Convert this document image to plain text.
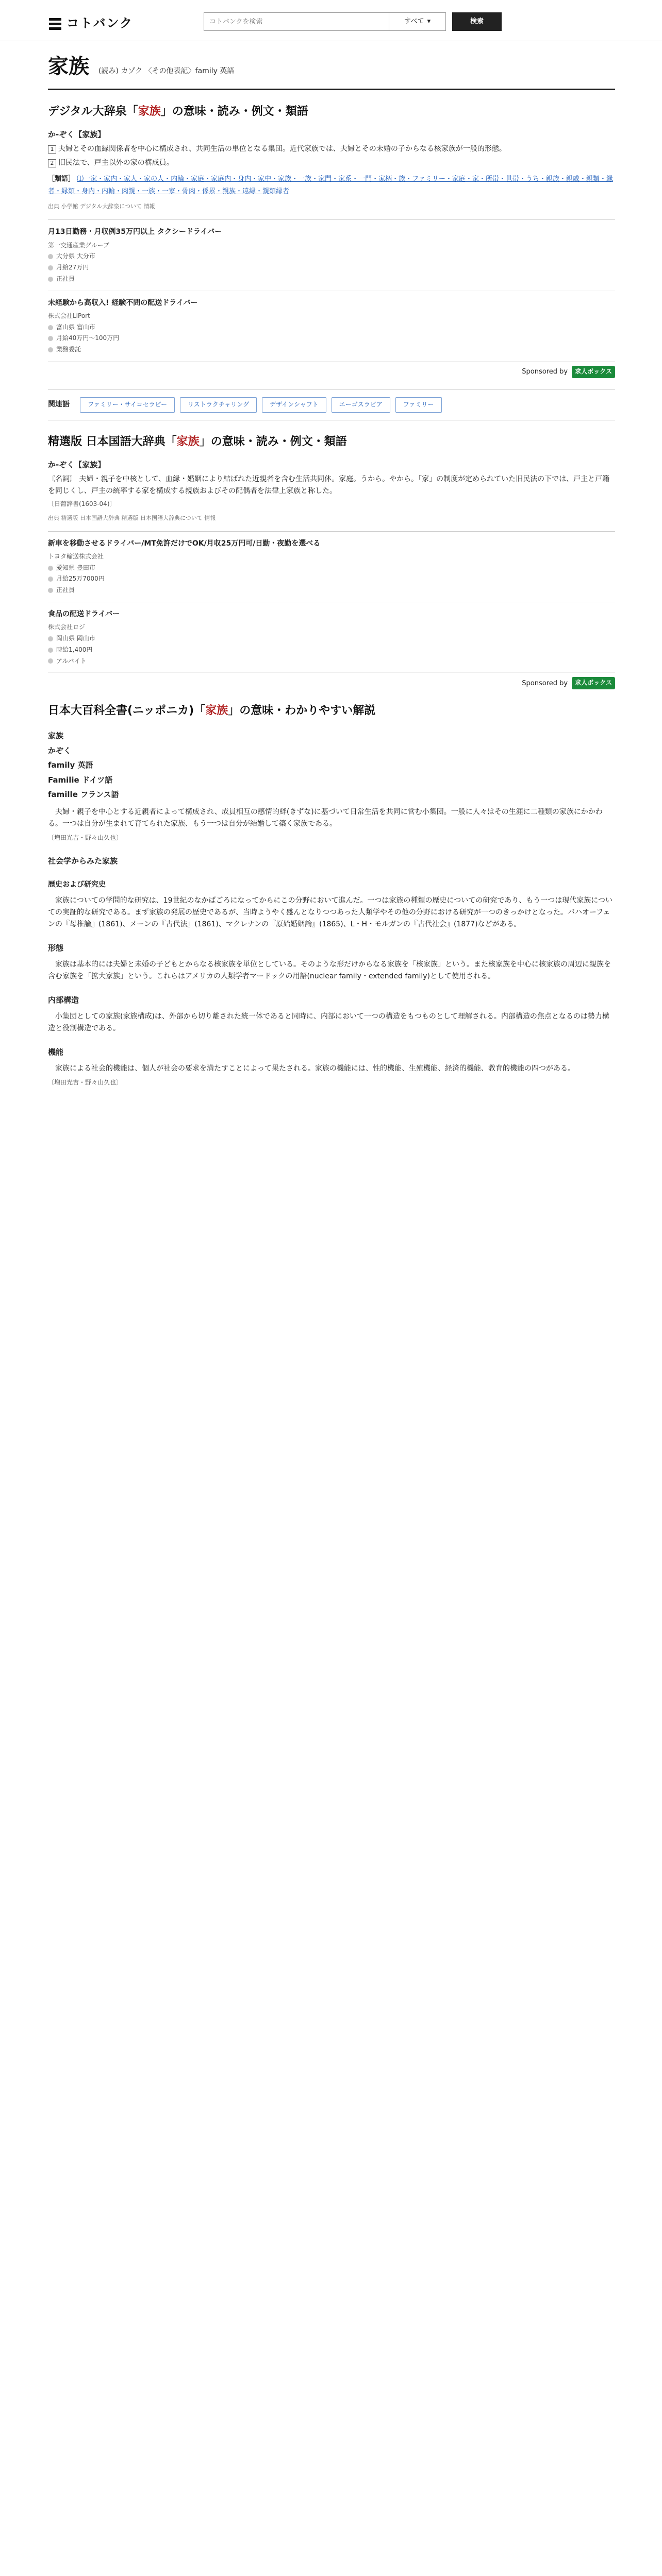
コトバンク
コトバンクを検索	すべて ▾	検索
家族 (読み) カゾク 〈その他表記〉family 英語
デジタル大辞泉「家族」の意味・読み・例文・類語
か‐ぞく【家族】

1 夫婦とその血縁関係者を中心に構成され、共同生活の単位となる集団。近代家族では、夫婦とその未婚の子からなる核家族が一般的形態。

2 旧民法で、戸主以外の家の構成員。

［類語］ ⑴一家・家内・家人・家の人・内輪・家庭・家庭内・身内・家中・家族・一族・家門・家系・一門・家柄・族・ファミリー・家庭・家・所帯・世帯・うち・親族・親戚・親類・縁者・縁類・身内・内輪・肉親・一族・一家・骨肉・係累・親族・遠縁・親類縁者
出典 小学館 デジタル大辞泉について 情報
月13日勤務・月収例35万円以上 タクシードライバー
第一交通産業グループ
大分県 大分市
月給27万円
正社員
未経験から高収入! 経験不問の配送ドライバー
株式会社LiPort
富山県 富山市
月給40万円〜100万円
業務委託
Sponsored by	求人ボックス
関連語	ファミリー・サイコセラピー	リストラクチャリング	デザインシャフト	エーゴスラビア	ファミリー
精選版 日本国語大辞典「家族」の意味・読み・例文・類語
か‐ぞく【家族】

〘名詞〙 夫婦・親子を中核として、血縁・婚姻により結ばれた近親者を含む生活共同体。家庭。うから。やから。「家」の制度が定められていた旧民法の下では、戸主と戸籍を同じくし、戸主の統率する家を構成する親族およびその配偶者を法律上家族と称した。

〔日葡辞書(1603-04)〕

出典 精選版 日本国語大辞典 精選版 日本国語大辞典について 情報
新車を移動させるドライバー/MT免許だけでOK/月収25万円可/日勤・夜勤を選べる
トヨタ輸送株式会社
愛知県 豊田市
月給25万7000円
正社員
食品の配送ドライバー
株式会社ロジ
岡山県 岡山市
時給1,400円
アルバイト
Sponsored by	求人ボックス
日本大百科全書(ニッポニカ)「家族」の意味・わかりやすい解説
家族
かぞく
family 英語
Familie ドイツ語
famille フランス語

夫婦・親子を中心とする近親者によって構成され、成員相互の感情的絆(きずな)に基づいて日常生活を共同に営む小集団。一般に人々はその生涯に二種類の家族にかかわる。一つは自分が生まれて育てられた家族、もう一つは自分が結婚して築く家族である。

〔増田光吉・野々山久也〕
社会学からみた家族
歴史および研究史

家族についての学問的な研究は、19世紀のなかばごろになってからにこの分野において進んだ。一つは家族の種類の歴史についての研究であり、もう一つは現代家族についての実証的な研究である。まず家族の発展の歴史であるが、当時ようやく盛んとなりつつあった人類学やその他の分野における研究が一つのきっかけとなった。バハオーフェンの『母権論』(1861)、メーンの『古代法』(1861)、マクレナンの『原始婚姻論』(1865)、L・H・モルガンの『古代社会』(1877)などがある。

形態

家族は基本的には夫婦と未婚の子どもとからなる核家族を単位としている。そのような形だけからなる家族を「核家族」という。また核家族を中心に核家族の周辺に親族を含む家族を「拡大家族」という。これらはアメリカの人類学者マードックの用語(nuclear family・extended family)として使用される。

内部構造

小集団としての家族(家族構成)は、外部から切り離された統一体であると同時に、内部において一つの構造をもつものとして理解される。内部構造の焦点となるのは勢力構造と役割構造である。

機能

家族による社会的機能は、個人が社会の要求を満たすことによって果たされる。家族の機能には、性的機能、生殖機能、経済的機能、教育的機能の四つがある。

〔増田光吉・野々山久也〕
